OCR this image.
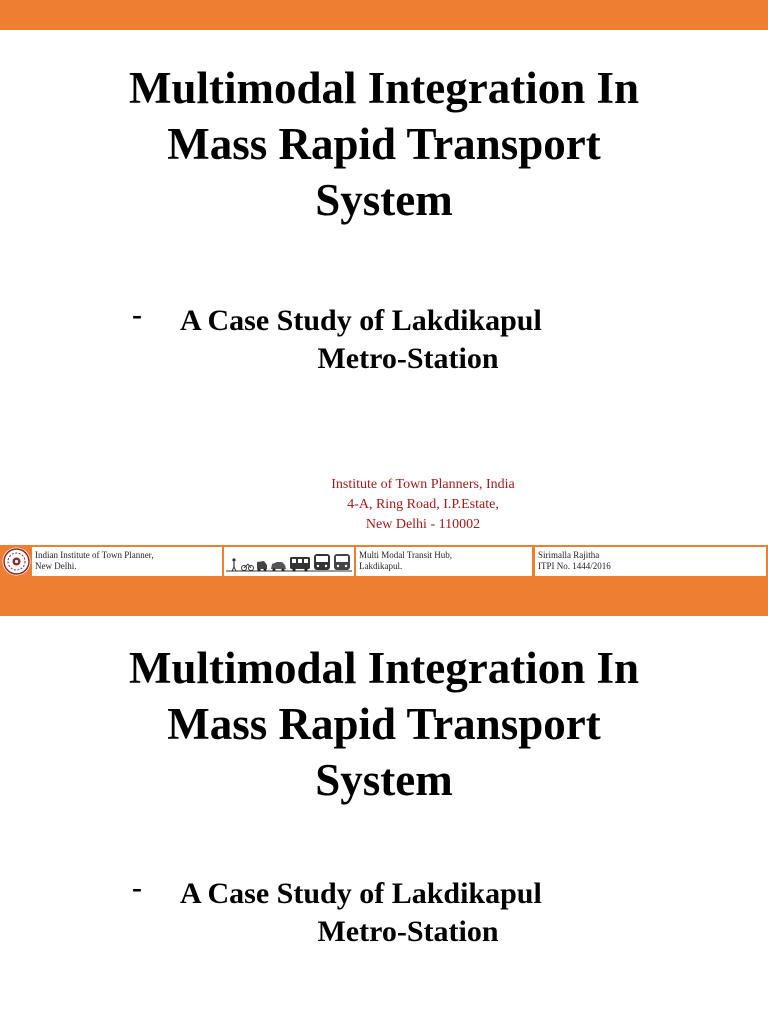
Multimodal Integration In
Mass Rapid Transport
System
- A Case Study of Lakdikapul
Metro-Station
Institute of Town Planners, India
4-A, Ring Road, I.P.Estate,
New Delhi - 110002
Indian Institute of Town Planner,
New Delhi.
Multi Modal Transit Hub,
Lakdikapul.
Sirimalla Rajitha
ITPI No. 1444/2016
Multimodal Integration In
Mass Rapid Transport
System
- A Case Study of Lakdikapul
Metro-Station
